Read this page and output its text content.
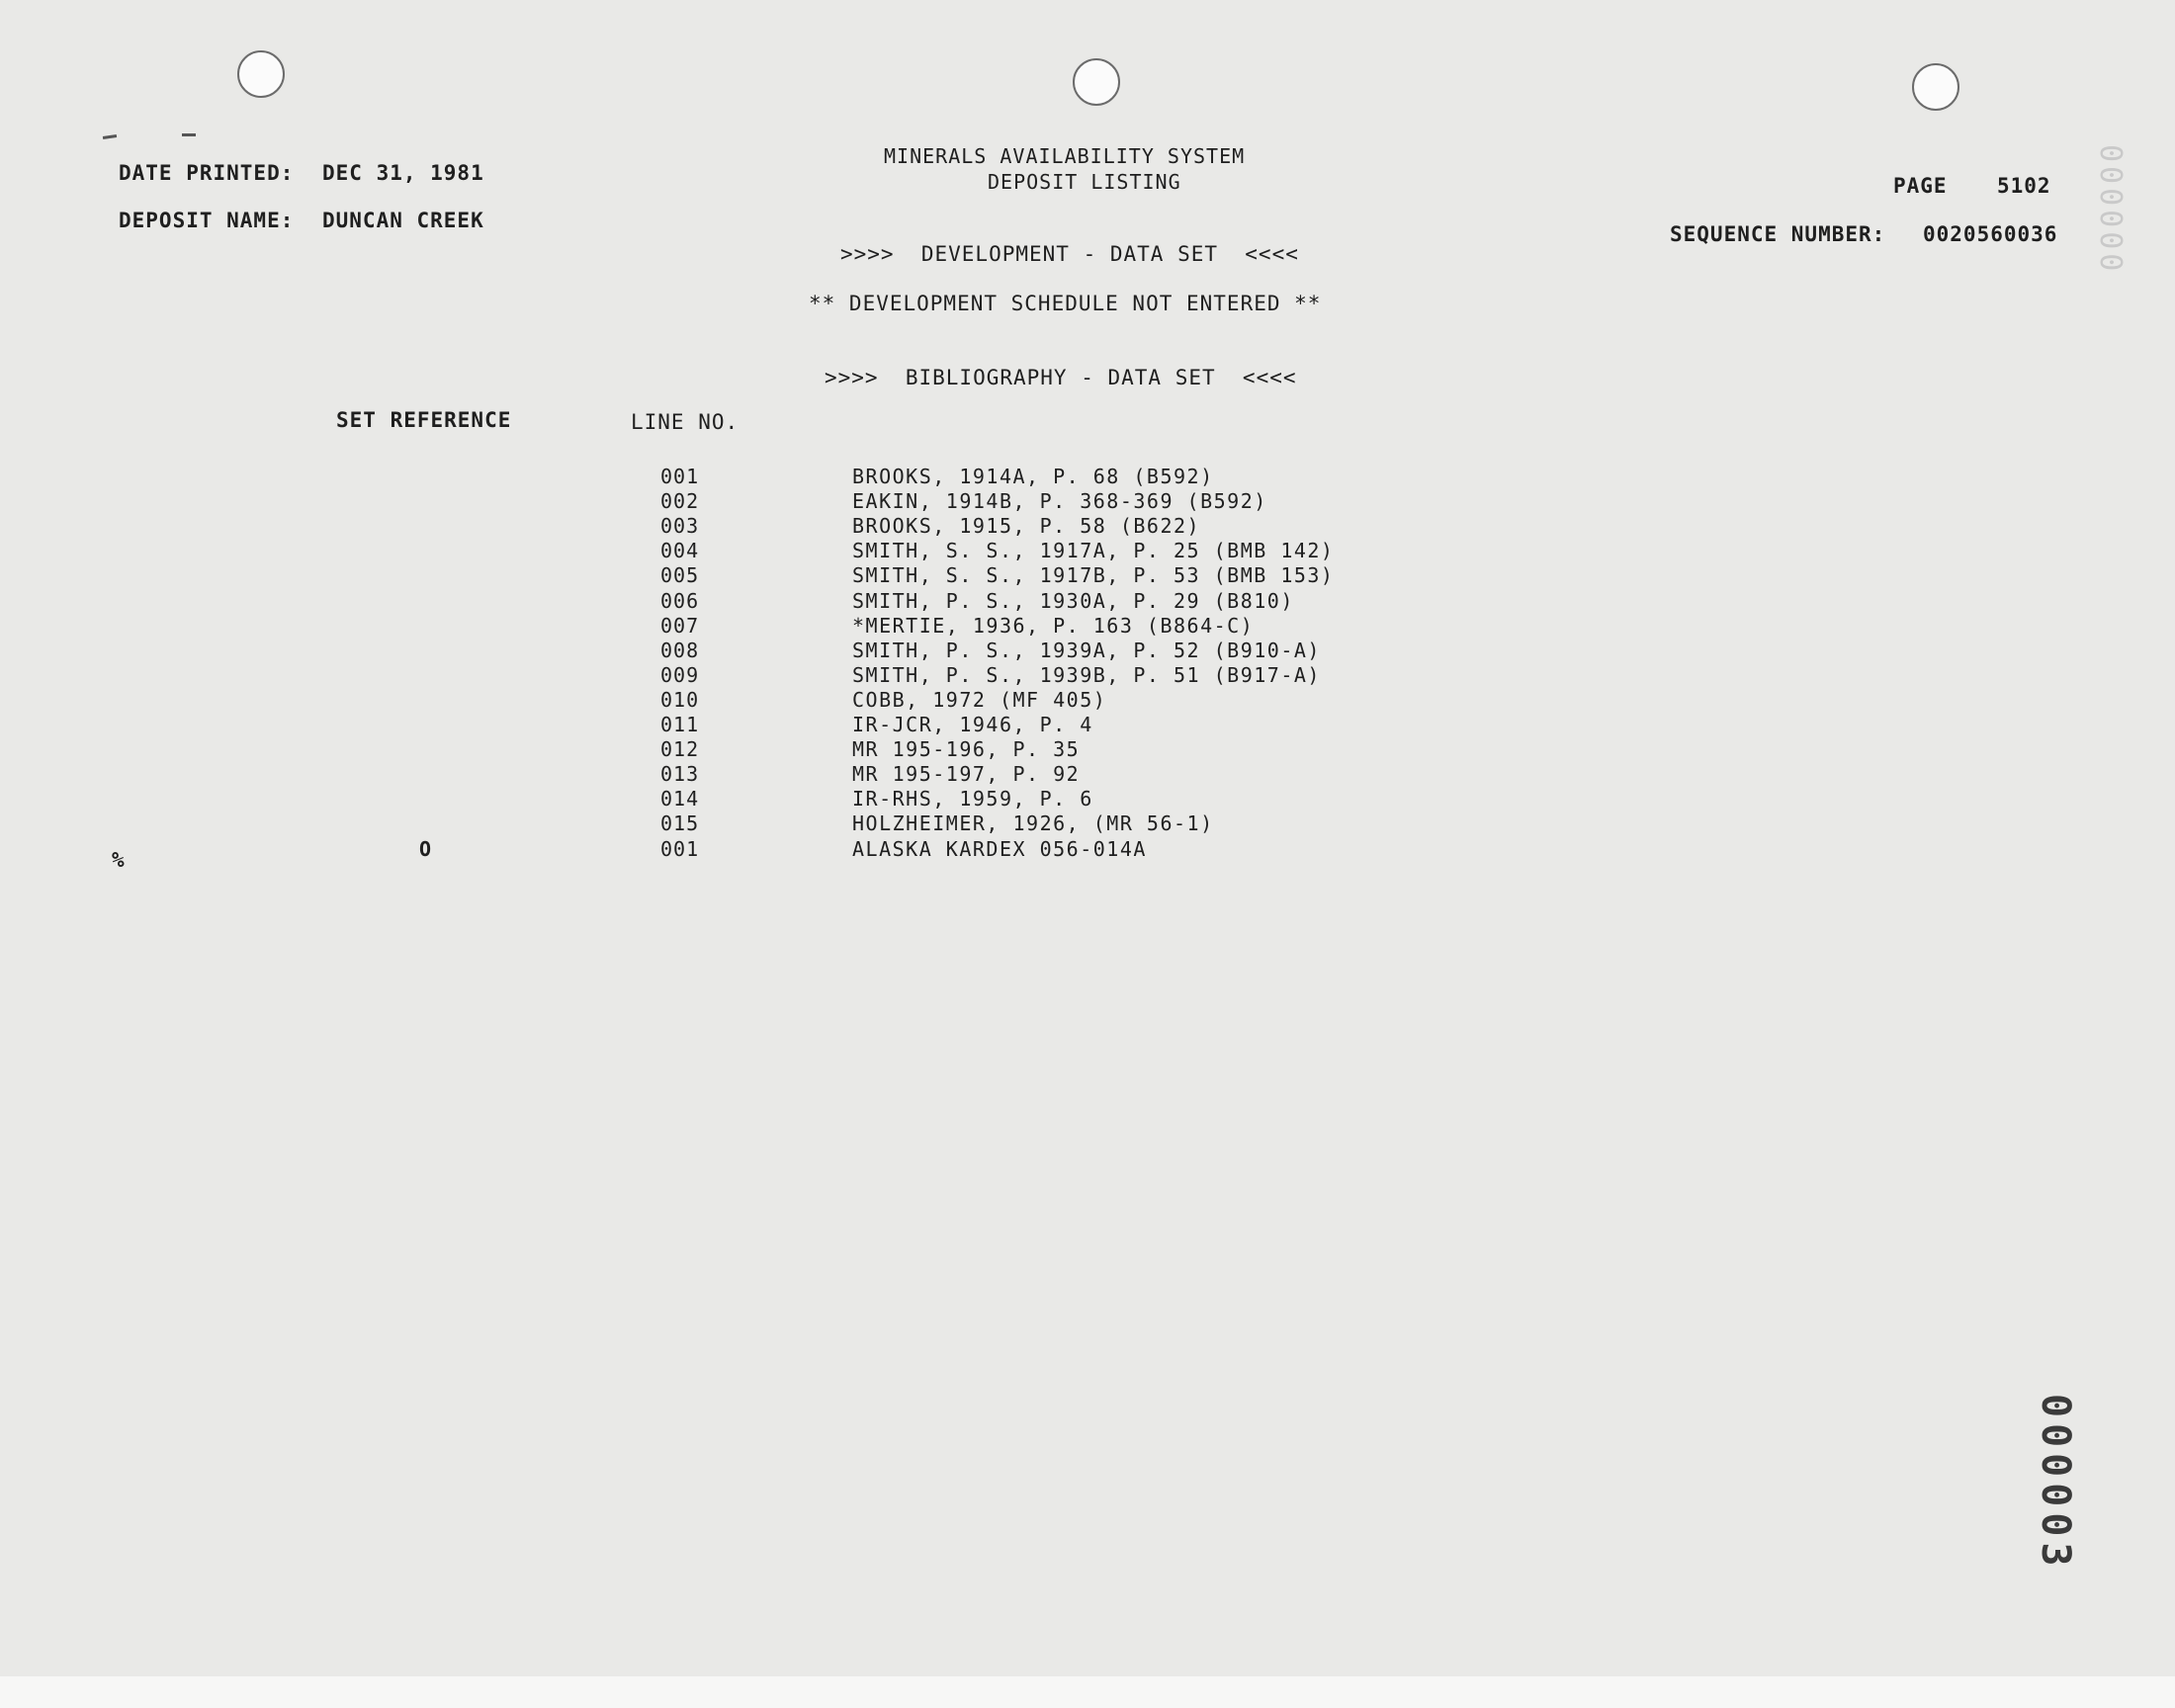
DATE PRINTED: DEC 31, 1981
DEPOSIT NAME: DUNCAN CREEK
MINERALS AVAILABILITY SYSTEM
DEPOSIT LISTING	PAGE 5102
SEQUENCE NUMBER: 0020560036
>>>>  DEVELOPMENT - DATA SET  <<<<
** DEVELOPMENT SCHEDULE NOT ENTERED **
>>>>  BIBLIOGRAPHY - DATA SET  <<<<
SET REFERENCE	LINE NO.
001	BROOKS, 1914A, P. 68 (B592)
002	EAKIN, 1914B, P. 368-369 (B592)
003	BROOKS, 1915, P. 58 (B622)
004	SMITH, S. S., 1917A, P. 25 (BMB 142)
005	SMITH, S. S., 1917B, P. 53 (BMB 153)
006	SMITH, P. S., 1930A, P. 29 (B810)
007	*MERTIE, 1936, P. 163 (B864-C)
008	SMITH, P. S., 1939A, P. 52 (B910-A)
009	SMITH, P. S., 1939B, P. 51 (B917-A)
010	COBB, 1972 (MF 405)
011	IR-JCR, 1946, P. 4
012	MR 195-196, P. 35
013	MR 195-197, P. 92
014	IR-RHS, 1959, P. 6
015	HOLZHEIMER, 1926, (MR 56-1)
O	001	ALASKA KARDEX 056-014A
%
000000
000003
